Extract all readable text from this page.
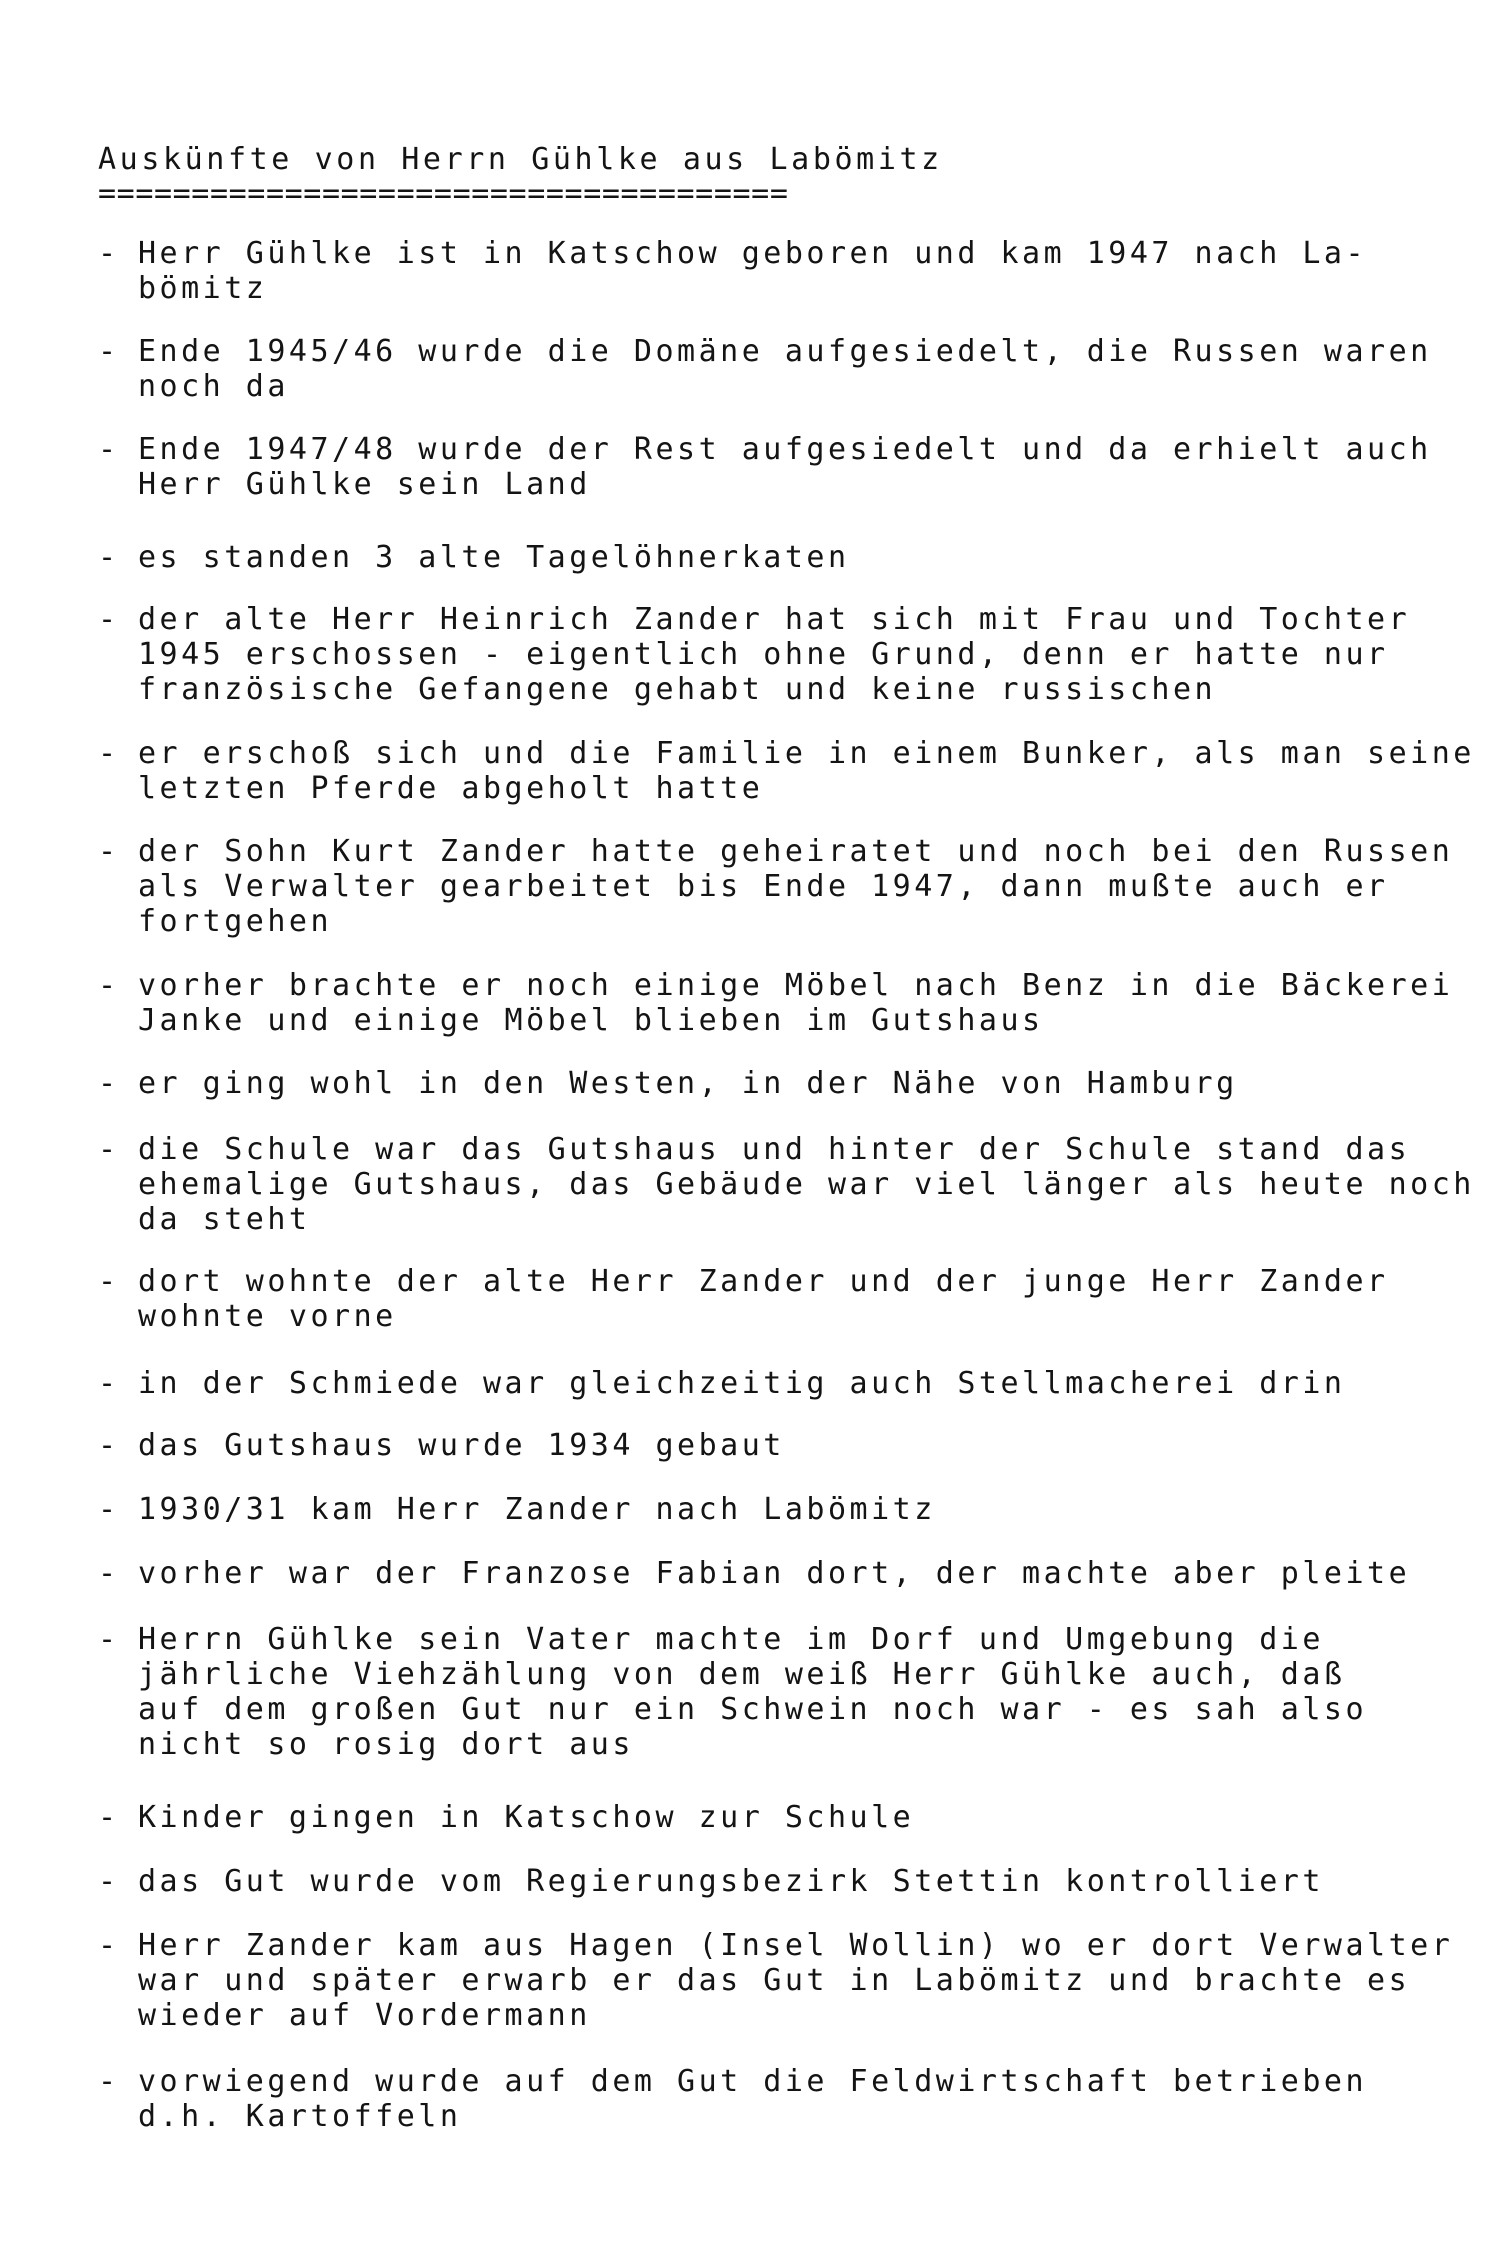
Auskünfte von Herrn Gühlke aus Labömitz
=====================================
- Herr Gühlke ist in Katschow geboren und kam 1947 nach La-
bömitz
- Ende 1945/46 wurde die Domäne aufgesiedelt, die Russen waren
noch da
- Ende 1947/48 wurde der Rest aufgesiedelt und da erhielt auch
Herr Gühlke sein Land
- es standen 3 alte Tagelöhnerkaten
- der alte Herr Heinrich Zander hat sich mit Frau und Tochter
1945 erschossen - eigentlich ohne Grund, denn er hatte nur
französische Gefangene gehabt und keine russischen
- er erschoß sich und die Familie in einem Bunker, als man seine
letzten Pferde abgeholt hatte
- der Sohn Kurt Zander hatte geheiratet und noch bei den Russen
als Verwalter gearbeitet bis Ende 1947, dann mußte auch er
fortgehen
- vorher brachte er noch einige Möbel nach Benz in die Bäckerei
Janke und einige Möbel blieben im Gutshaus
- er ging wohl in den Westen, in der Nähe von Hamburg
- die Schule war das Gutshaus und hinter der Schule stand das
ehemalige Gutshaus, das Gebäude war viel länger als heute noch
da steht
- dort wohnte der alte Herr Zander und der junge Herr Zander
wohnte vorne
- in der Schmiede war gleichzeitig auch Stellmacherei drin
- das Gutshaus wurde 1934 gebaut
- 1930/31 kam Herr Zander nach Labömitz
- vorher war der Franzose Fabian dort, der machte aber pleite
- Herrn Gühlke sein Vater machte im Dorf und Umgebung die
jährliche Viehzählung von dem weiß Herr Gühlke auch, daß
auf dem großen Gut nur ein Schwein noch war - es sah also
nicht so rosig dort aus
- Kinder gingen in Katschow zur Schule
- das Gut wurde vom Regierungsbezirk Stettin kontrolliert
- Herr Zander kam aus Hagen (Insel Wollin) wo er dort Verwalter
war und später erwarb er das Gut in Labömitz und brachte es
wieder auf Vordermann
- vorwiegend wurde auf dem Gut die Feldwirtschaft betrieben
d.h. Kartoffeln
